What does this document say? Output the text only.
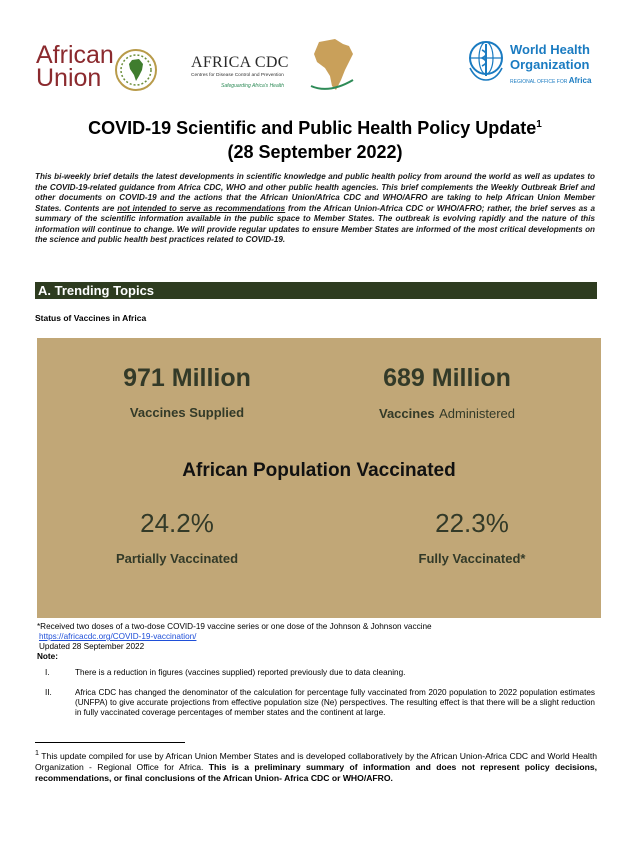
African
Union
AFRICA CDC
Centres for Disease Control and Prevention
Safeguarding Africa's Health
World Health
Organization
REGIONAL OFFICE FOR Africa
COVID-19 Scientific and Public Health Policy Update$^1$
(28 September 2022)
This bi-weekly brief details the latest developments in scientific knowledge and public health policy from around the world as well as updates to the COVID-19-related guidance from Africa CDC, WHO and other public health agencies. This brief complements the Weekly Outbreak Brief and other documents on COVID-19 and the actions that the African Union/Africa CDC and WHO/AFRO are taking to help African Union Member States. Contents are not intended to serve as recommendations from the African Union-Africa CDC or WHO/AFRO; rather, the brief serves as a summary of the scientific information available in the public space to Member States. The outbreak is evolving rapidly and the nature of this information will continue to change. We will provide regular updates to ensure Member States are informed of the most critical developments on the science and public health best practices related to COVID-19.
A. Trending Topics
Status of Vaccines in Africa
971 Million
Vaccines Supplied
689 Million
Vaccines Administered
African Population Vaccinated
24.2%
Partially Vaccinated
22.3%
Fully Vaccinated*
*Received two doses of a two-dose COVID-19 vaccine series or one dose of the Johnson & Johnson vaccine
https://africacdc.org/COVID-19-vaccination/
Updated 28 September 2022
Note:
I.	There is a reduction in figures (vaccines supplied) reported previously due to data cleaning.
II.	Africa CDC has changed the denominator of the calculation for percentage fully vaccinated from 2020 population to 2022 population estimates (UNFPA) to give accurate projections from effective population size (Ne) perspectives. The resulting effect is that there will be a slight reduction in fully vaccinated coverage percentages of member states and the continent at large.
$^1$ This update compiled for use by African Union Member States and is developed collaboratively by the African Union-Africa CDC and World Health Organization - Regional Office for Africa. This is a preliminary summary of information and does not represent policy decisions, recommendations, or final conclusions of the African Union- Africa CDC or WHO/AFRO.
